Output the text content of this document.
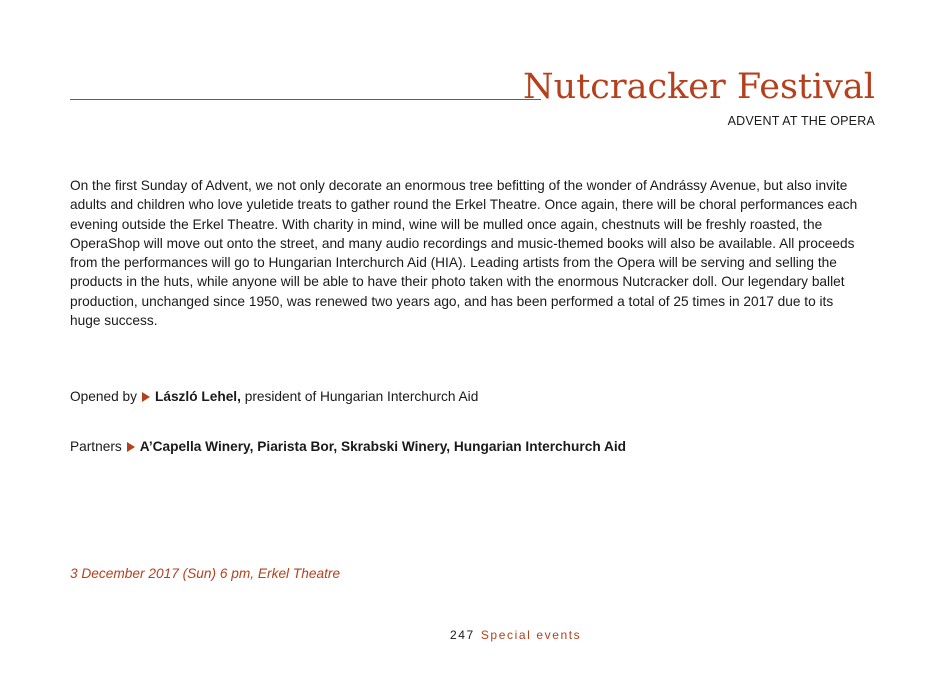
Nutcracker Festival
ADVENT AT THE OPERA

On the first Sunday of Advent, we not only decorate an enormous tree befitting of the wonder of Andrássy Avenue, but also invite adults and children who love yuletide treats to gather round the Erkel Theatre. Once again, there will be choral performances each evening outside the Erkel Theatre. With charity in mind, wine will be mulled once again, chestnuts will be freshly roasted, the OperaShop will move out onto the street, and many audio recordings and music-themed books will also be available. All proceeds from the performances will go to Hungarian Interchurch Aid (HIA). Leading artists from the Opera will be serving and selling the products in the huts, while anyone will be able to have their photo taken with the enormous Nutcracker doll. Our legendary ballet production, unchanged since 1950, was renewed two years ago, and has been performed a total of 25 times in 2017 due to its huge success.

Opened by László Lehel, president of Hungarian Interchurch Aid
Partners A’Capella Winery, Piarista Bor, Skrabski Winery, Hungarian Interchurch Aid
3 December 2017 (Sun) 6 pm, Erkel Theatre
247 Special events
